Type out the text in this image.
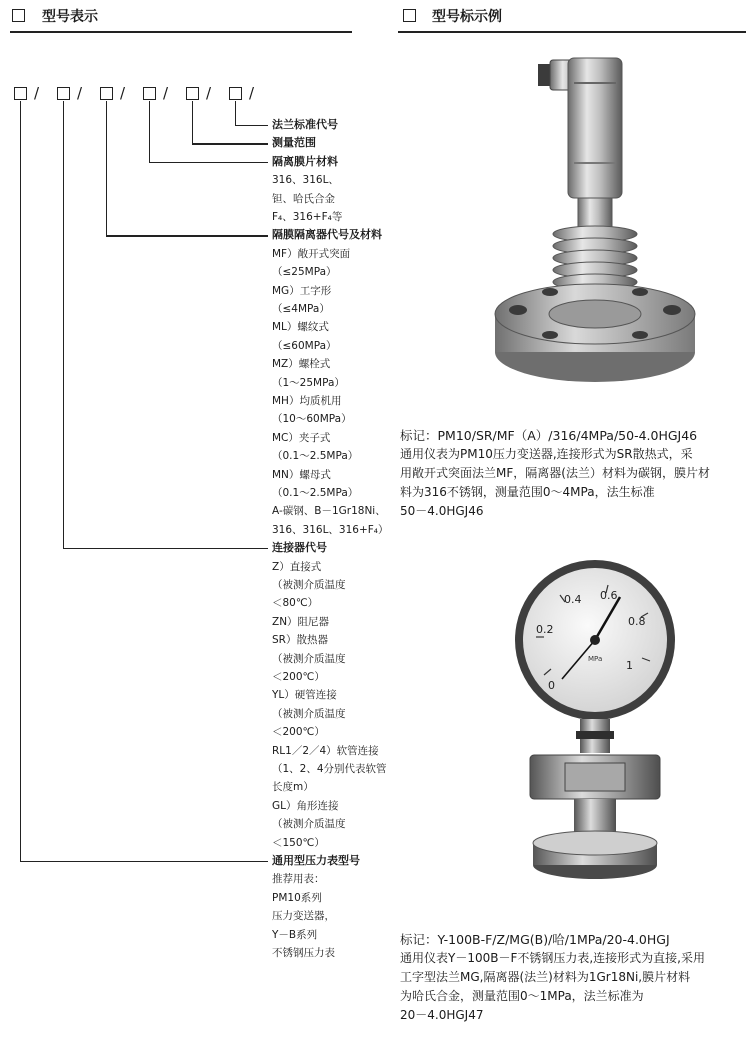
型号表示	型号标示例
/	/	/	/	/	/
法兰标准代号
测量范围
隔离膜片材料
316、316L、
钽、哈氏合金
F₄、316+F₄等
隔膜隔离器代号及材料
MF）敞开式突面
（≤25MPa）
MG）工字形
（≤4MPa）
ML）螺纹式
（≤60MPa）
MZ）螺栓式
（1～25MPa）
MH）均质机用
（10～60MPa）
MC）夹子式
（0.1～2.5MPa）
MN）螺母式
（0.1～2.5MPa）
A-碳钢、B－1Gr18Ni、
316、316L、316+F₄）
连接器代号
Z）直接式
（被测介质温度
＜80℃）
ZN）阻尼器
SR）散热器
（被测介质温度
＜200℃）
YL）硬管连接
（被测介质温度
＜200℃）
RL1／2／4）软管连接
（1、2、4分别代表软管
长度m）
GL）角形连接
（被测介质温度
＜150℃）
通用型压力表型号
推荐用表：
PM10系列
压力变送器，
Y－B系列
不锈钢压力表
标记：PM10/SR/MF（A）/316/4MPa/50-4.0HGJ46
通用仪表为PM10压力变送器,连接形式为SR散热式，采
用敞开式突面法兰MF，隔离器(法兰）材料为碳钢，膜片材
料为316不锈钢，测量范围0～4MPa，法生标准
50－4.0HGJ46
0
0.2
0.4 0.6
0.8
1
MPa
标记：Y-100B-F/Z/MG(B)/哈/1MPa/20-4.0HGJ
通用仪表Y－100B－F不锈钢压力表,连接形式为直接,采用
工字型法兰MG,隔离器(法兰)材料为1Gr18Ni,膜片材料
为哈氏合金，测量范围0～1MPa，法兰标准为
20－4.0HGJ47
